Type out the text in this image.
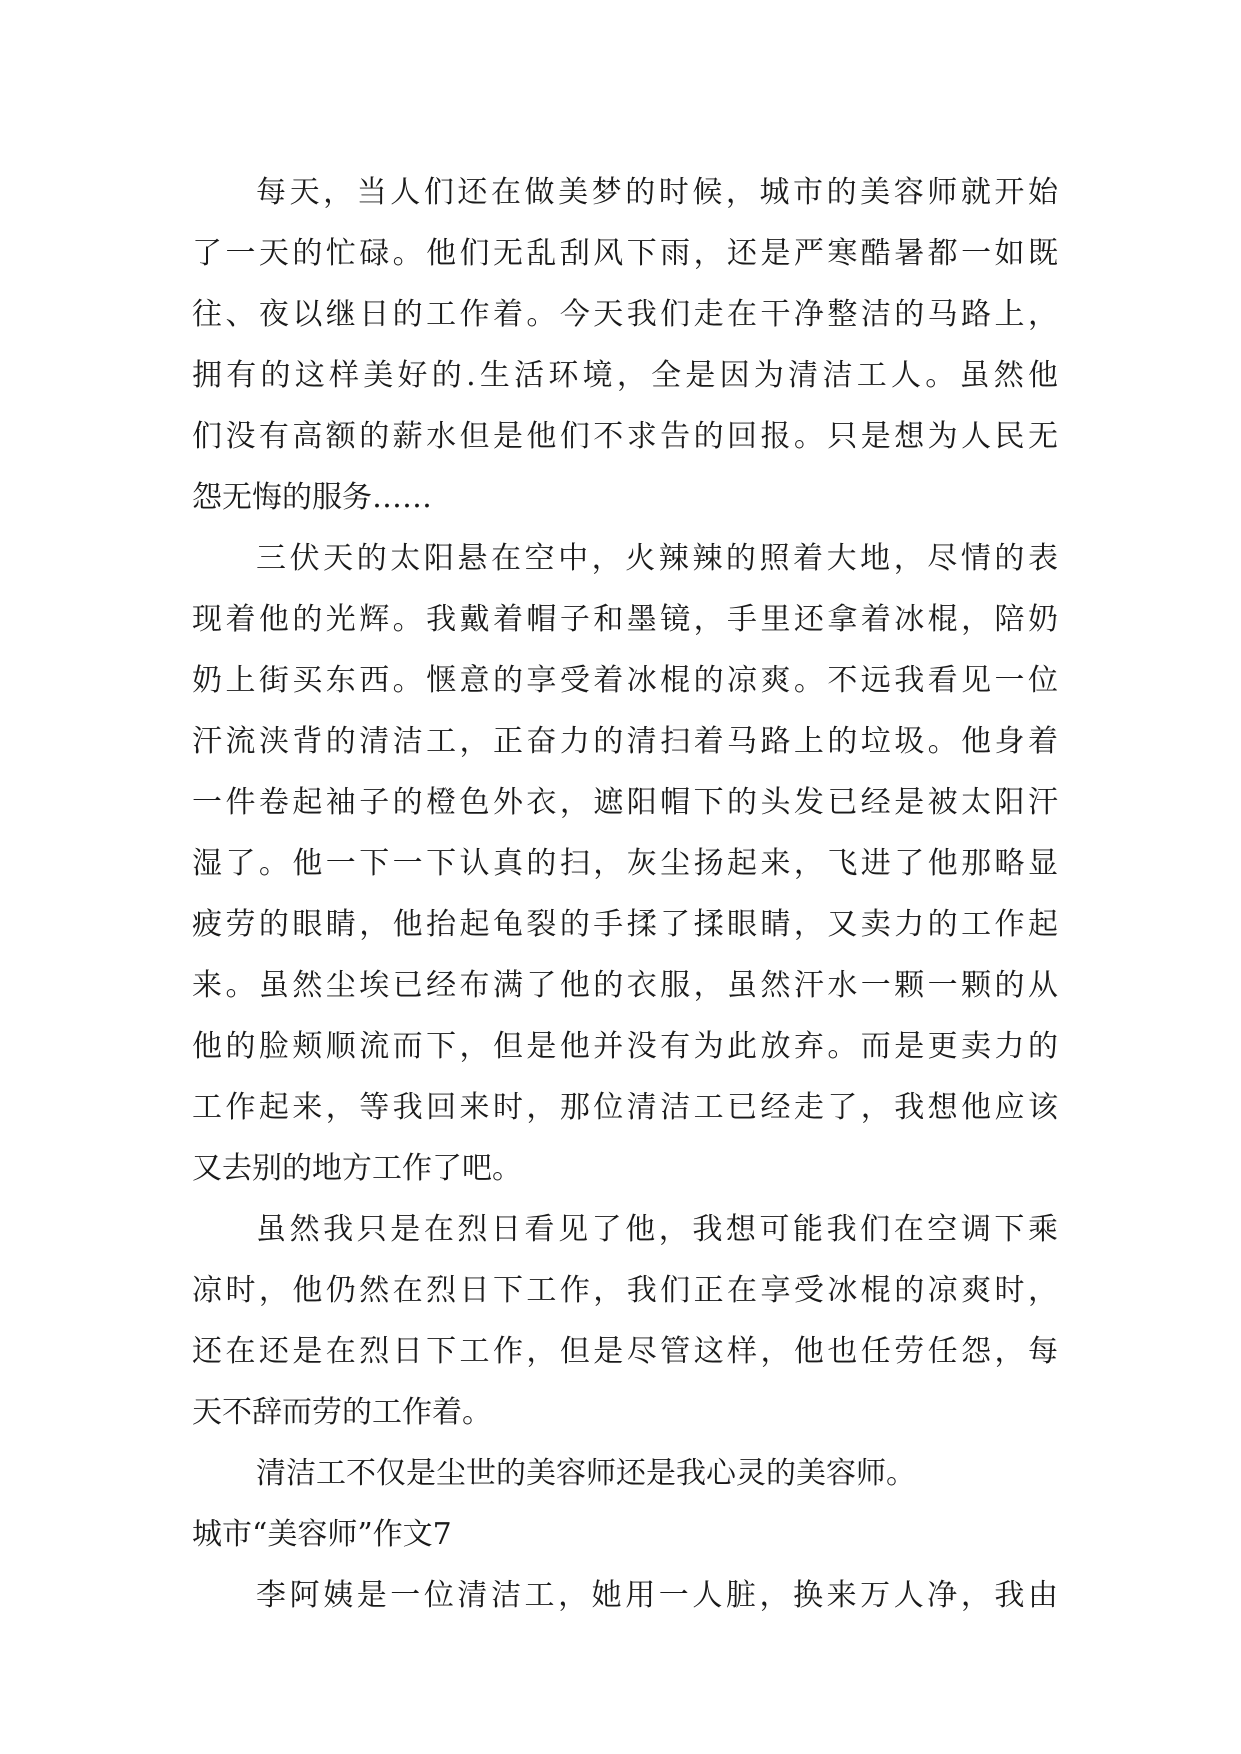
每天，当人们还在做美梦的时候，城市的美容师就开始
了一天的忙碌。他们无乱刮风下雨，还是严寒酷暑都一如既
往、夜以继日的工作着。今天我们走在干净整洁的马路上，
拥有的这样美好的.生活环境，全是因为清洁工人。虽然他
们没有高额的薪水但是他们不求告的回报。只是想为人民无
怨无悔的服务……
三伏天的太阳悬在空中，火辣辣的照着大地，尽情的表
现着他的光辉。我戴着帽子和墨镜，手里还拿着冰棍，陪奶
奶上街买东西。惬意的享受着冰棍的凉爽。不远我看见一位
汗流浃背的清洁工，正奋力的清扫着马路上的垃圾。他身着
一件卷起袖子的橙色外衣，遮阳帽下的头发已经是被太阳汗
湿了。他一下一下认真的扫，灰尘扬起来，飞进了他那略显
疲劳的眼睛，他抬起龟裂的手揉了揉眼睛，又卖力的工作起
来。虽然尘埃已经布满了他的衣服，虽然汗水一颗一颗的从
他的脸颊顺流而下，但是他并没有为此放弃。而是更卖力的
工作起来，等我回来时，那位清洁工已经走了，我想他应该
又去别的地方工作了吧。
虽然我只是在烈日看见了他，我想可能我们在空调下乘
凉时，他仍然在烈日下工作，我们正在享受冰棍的凉爽时，
还在还是在烈日下工作，但是尽管这样，他也任劳任怨，每
天不辞而劳的工作着。
清洁工不仅是尘世的美容师还是我心灵的美容师。
城市“美容师”作文7
李阿姨是一位清洁工，她用一人脏，换来万人净，我由
